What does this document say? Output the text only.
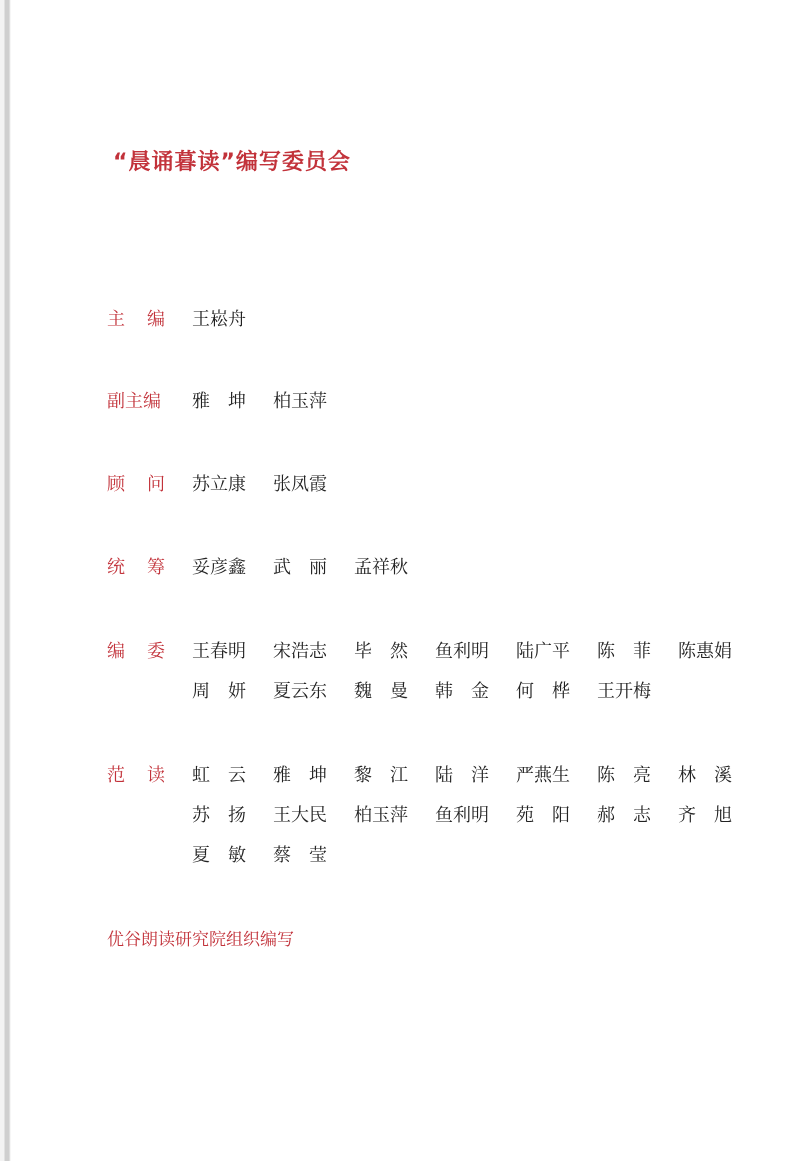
“晨诵暮读”编写委员会
主编 王崧舟
副主编	雅坤 柏玉萍
顾问 苏立康 张凤霞
统筹 妥彦鑫 武丽 孟祥秋
编委 王春明 宋浩志 毕然 鱼利明 陆广平 陈菲 陈惠娟
周妍 夏云东 魏曼 韩金 何桦 王开梅
范读 虹云 雅坤 黎江 陆洋 严燕生 陈亮 林溪
苏扬 王大民 柏玉萍 鱼利明 苑阳 郝志 齐旭
夏敏 蔡莹
优谷朗读研究院组织编写
